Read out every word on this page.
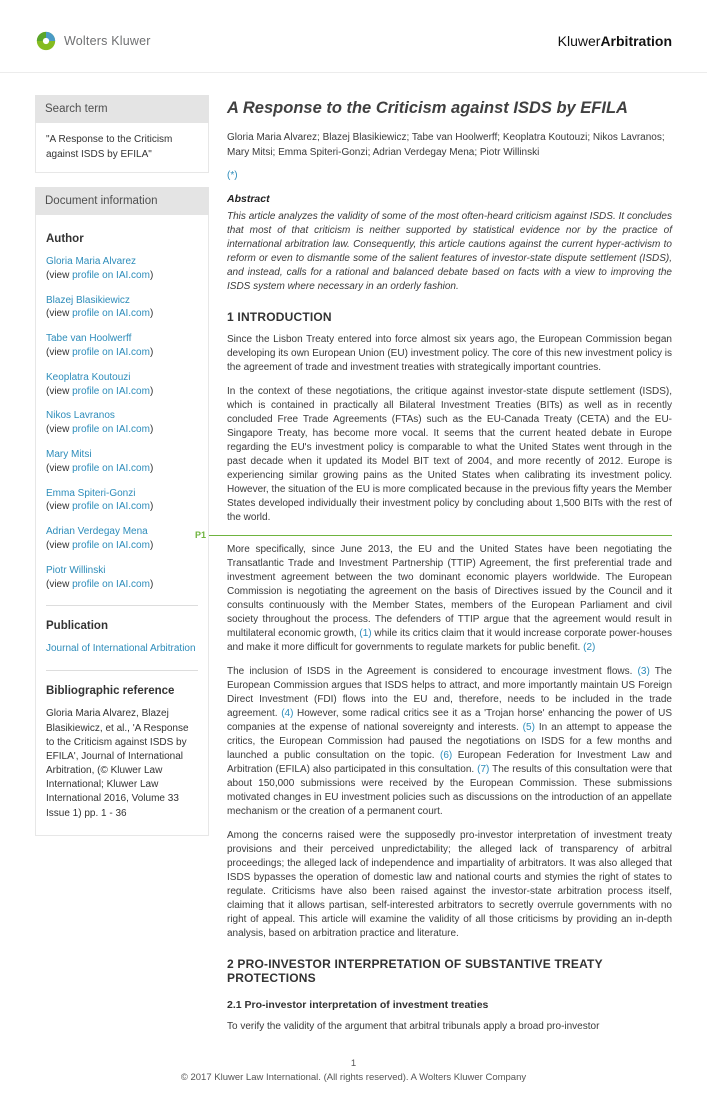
Wolters Kluwer	KluwerArbitration
Search term
"A Response to the Criticism against ISDS by EFILA"
Document information
Author
Gloria Maria Alvarez
(view profile on IAI.com)
Blazej Blasikiewicz
(view profile on IAI.com)
Tabe van Hoolwerff
(view profile on IAI.com)
Keoplatra Koutouzi
(view profile on IAI.com)
Nikos Lavranos
(view profile on IAI.com)
Mary Mitsi
(view profile on IAI.com)
Emma Spiteri-Gonzi
(view profile on IAI.com)
Adrian Verdegay Mena
(view profile on IAI.com)
Piotr Willinski
(view profile on IAI.com)
Publication

Journal of International Arbitration

Bibliographic reference

Gloria Maria Alvarez, Blazej Blasikiewicz, et al., 'A Response to the Criticism against ISDS by EFILA', Journal of International Arbitration, (© Kluwer Law International; Kluwer Law International 2016, Volume 33 Issue 1) pp. 1 - 36

A Response to the Criticism against ISDS by EFILA

Gloria Maria Alvarez; Blazej Blasikiewicz; Tabe van Hoolwerff; Keoplatra Koutouzi; Nikos Lavranos; Mary Mitsi; Emma Spiteri-Gonzi; Adrian Verdegay Mena; Piotr Willinski

(*)

Abstract

This article analyzes the validity of some of the most often-heard criticism against ISDS. It concludes that most of that criticism is neither supported by statistical evidence nor by the practice of international arbitration law. Consequently, this article cautions against the current hyper-activism to reform or even to dismantle some of the salient features of investor-state dispute settlement (ISDS), and instead, calls for a rational and balanced debate based on facts with a view to improving the ISDS system where necessary in an orderly fashion.

1 INTRODUCTION

Since the Lisbon Treaty entered into force almost six years ago, the European Commission began developing its own European Union (EU) investment policy. The core of this new investment policy is the agreement of trade and investment treaties with strategically important countries.

In the context of these negotiations, the critique against investor-state dispute settlement (ISDS), which is contained in practically all Bilateral Investment Treaties (BITs) as well as in recently concluded Free Trade Agreements (FTAs) such as the EU-Canada Treaty (CETA) and the EU-Singapore Treaty, has become more vocal. It seems that the current heated debate in Europe regarding the EU's investment policy is comparable to what the United States went through in the past decade when it updated its Model BIT text of 2004, and more recently of 2012. Europe is experiencing similar growing pains as the United States when calibrating its investment policy. However, the situation of the EU is more complicated because in the previous fifty years the Member States developed individually their investment policy by concluding about 1,500 BITs with the rest of the world.

P1
More specifically, since June 2013, the EU and the United States have been negotiating the Transatlantic Trade and Investment Partnership (TTIP) Agreement, the first preferential trade and investment agreement between the two dominant economic players worldwide. The European Commission is negotiating the agreement on the basis of Directives issued by the Council and it consults continuously with the Member States, members of the European Parliament and civil society throughout the process. The defenders of TTIP argue that the agreement would result in multilateral economic growth, (1) while its critics claim that it would increase corporate power-houses and make it more difficult for governments to regulate markets for public benefit. (2)

The inclusion of ISDS in the Agreement is considered to encourage investment flows. (3) The European Commission argues that ISDS helps to attract, and more importantly maintain US Foreign Direct Investment (FDI) flows into the EU and, therefore, needs to be included in the trade agreement. (4) However, some radical critics see it as a 'Trojan horse' enhancing the power of US companies at the expense of national sovereignty and interests. (5) In an attempt to appease the critics, the European Commission had paused the negotiations on ISDS for a few months and launched a public consultation on the topic. (6) European Federation for Investment Law and Arbitration (EFILA) also participated in this consultation. (7) The results of this consultation were that about 150,000 submissions were received by the European Commission. These submissions motivated changes in EU investment policies such as discussions on the introduction of an appellate mechanism or the creation of a permanent court.

Among the concerns raised were the supposedly pro-investor interpretation of investment treaty provisions and their perceived unpredictability; the alleged lack of transparency of arbitral proceedings; the alleged lack of independence and impartiality of arbitrators. It was also alleged that ISDS bypasses the operation of domestic law and national courts and stymies the right of states to regulate. Criticisms have also been raised against the investor-state arbitration process itself, claiming that it allows partisan, self-interested arbitrators to secretly overrule governments with no right of appeal. This article will examine the validity of all those criticisms by providing an in-depth analysis, based on arbitration practice and literature.

2 PRO-INVESTOR INTERPRETATION OF SUBSTANTIVE TREATY PROTECTIONS
2.1 Pro-investor interpretation of investment treaties

To verify the validity of the argument that arbitral tribunals apply a broad pro-investor

1
© 2017 Kluwer Law International. (All rights reserved). A Wolters Kluwer Company
